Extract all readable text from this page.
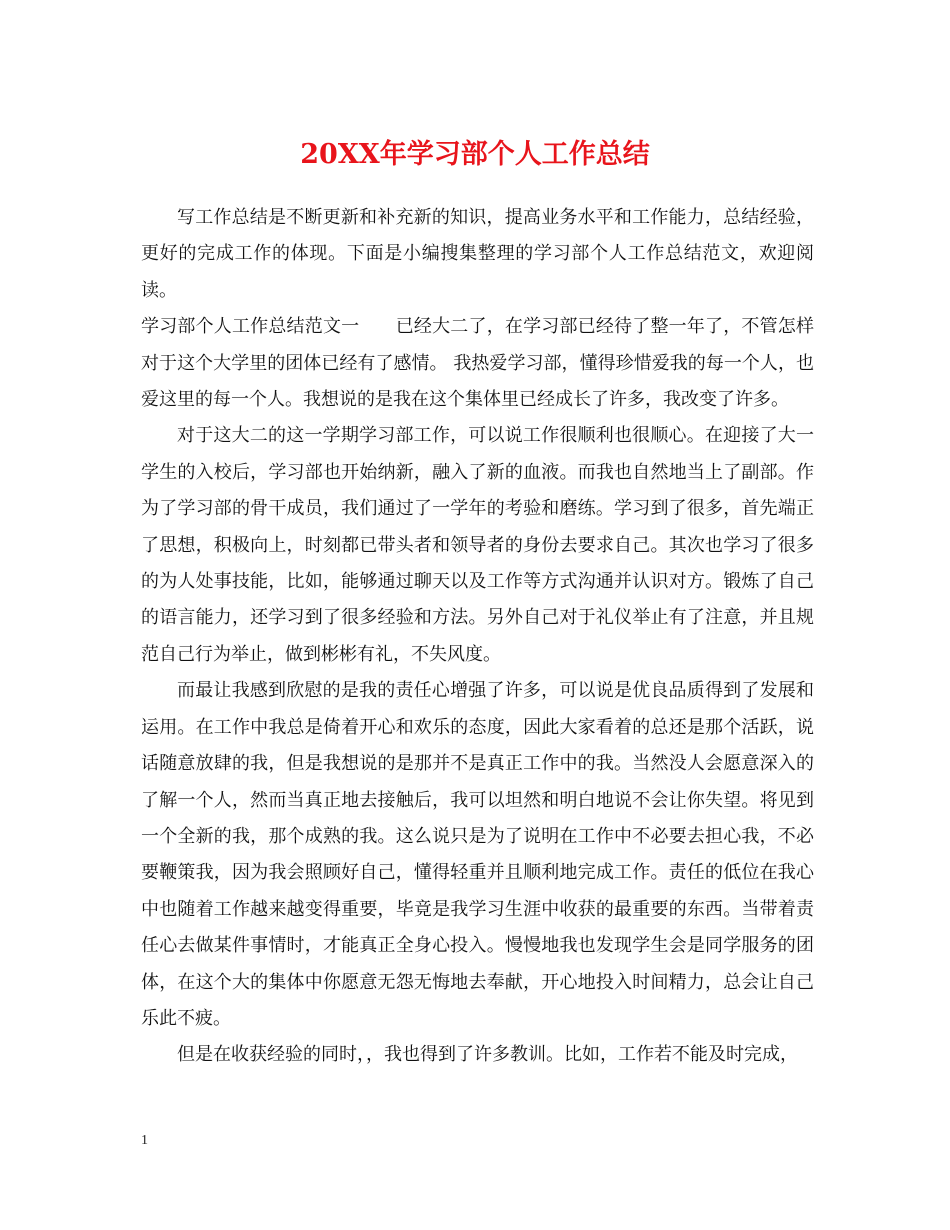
20XX年学习部个人工作总结

写工作总结是不断更新和补充新的知识，提高业务水平和工作能力，总结经验，更好的完成工作的体现。下面是小编搜集整理的学习部个人工作总结范文，欢迎阅读。

学习部个人工作总结范文一　　已经大二了，在学习部已经待了整一年了，不管怎样对于这个大学里的团体已经有了感情。 我热爱学习部，懂得珍惜爱我的每一个人，也爱这里的每一个人。我想说的是我在这个集体里已经成长了许多，我改变了许多。

对于这大二的这一学期学习部工作，可以说工作很顺利也很顺心。在迎接了大一学生的入校后，学习部也开始纳新，融入了新的血液。而我也自然地当上了副部。作为了学习部的骨干成员，我们通过了一学年的考验和磨练。学习到了很多，首先端正了思想，积极向上，时刻都已带头者和领导者的身份去要求自己。其次也学习了很多的为人处事技能，比如，能够通过聊天以及工作等方式沟通并认识对方。锻炼了自己的语言能力，还学习到了很多经验和方法。另外自己对于礼仪举止有了注意，并且规范自己行为举止，做到彬彬有礼，不失风度。

而最让我感到欣慰的是我的责任心增强了许多，可以说是优良品质得到了发展和运用。在工作中我总是倚着开心和欢乐的态度，因此大家看着的总还是那个活跃，说话随意放肆的我，但是我想说的是那并不是真正工作中的我。当然没人会愿意深入的了解一个人，然而当真正地去接触后，我可以坦然和明白地说不会让你失望。将见到一个全新的我，那个成熟的我。这么说只是为了说明在工作中不必要去担心我，不必要鞭策我，因为我会照顾好自己，懂得轻重并且顺利地完成工作。责任的低位在我心中也随着工作越来越变得重要，毕竟是我学习生涯中收获的最重要的东西。当带着责任心去做某件事情时，才能真正全身心投入。慢慢地我也发现学生会是同学服务的团体，在这个大的集体中你愿意无怨无悔地去奉献，开心地投入时间精力，总会让自己乐此不疲。

但是在收获经验的同时，，我也得到了许多教训。比如，工作若不能及时完成，

1
